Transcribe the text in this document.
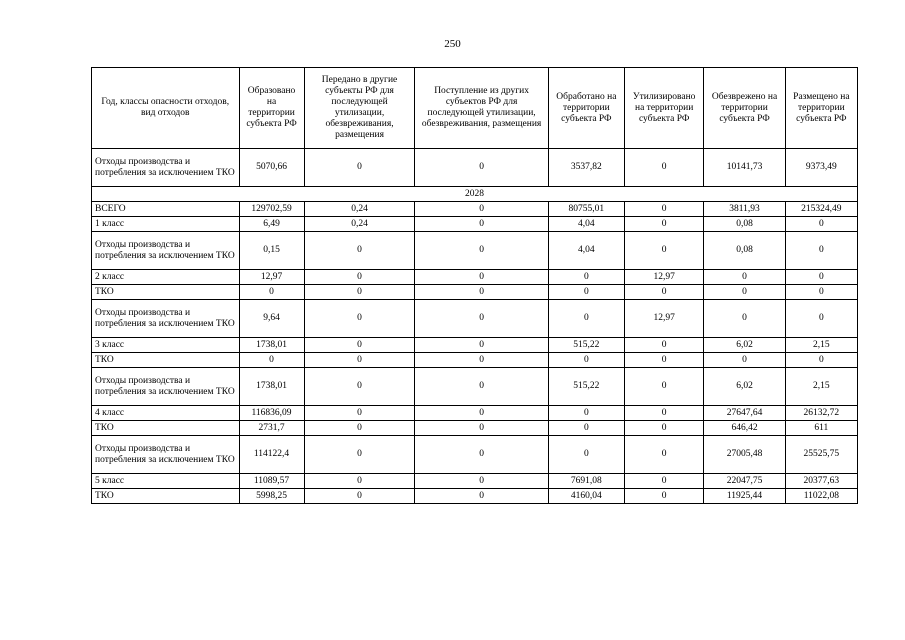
250
Год, классы опасности отходов, вид отходов	Образовано на территории субъекта РФ	Передано в другие субъекты РФ для последующей утилизации, обезвреживания, размещения	Поступление из других субъектов РФ для последующей утилизации, обезвреживания, размещения	Обработано на территории субъекта РФ	Утилизировано на территории субъекта РФ	Обезврежено на территории субъекта РФ	Размещено на территории субъекта РФ
Отходы производства и потребления за исключением ТКО	5070,66	0	0	3537,82	0	10141,73	9373,49
2028							
ВСЕГО	129702,59	0,24	0	80755,01	0	3811,93	215324,49
1 класс	6,49	0,24	0	4,04	0	0,08	0
Отходы производства и потребления за исключением ТКО	0,15	0	0	4,04	0	0,08	0
2 класс	12,97	0	0	0	12,97	0	0
ТКО	0	0	0	0	0	0	0
Отходы производства и потребления за исключением ТКО	9,64	0	0	0	12,97	0	0
3 класс	1738,01	0	0	515,22	0	6,02	2,15
ТКО	0	0	0	0	0	0	0
Отходы производства и потребления за исключением ТКО	1738,01	0	0	515,22	0	6,02	2,15
4 класс	116836,09	0	0	0	0	27647,64	26132,72
ТКО	2731,7	0	0	0	0	646,42	611
Отходы производства и потребления за исключением ТКО	114122,4	0	0	0	0	27005,48	25525,75
5 класс	11089,57	0	0	7691,08	0	22047,75	20377,63
ТКО	5998,25	0	0	4160,04	0	11925,44	11022,08
